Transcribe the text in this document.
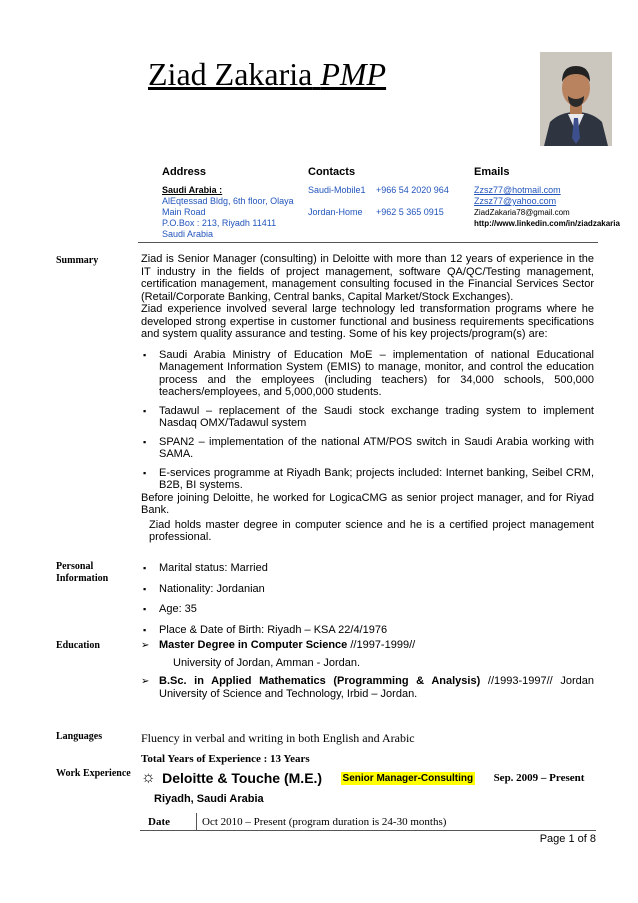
Ziad Zakaria PMP
Address	Contacts	Emails
Saudi Arabia :
AlEqtessad Bldg, 6th floor, Olaya
Main Road
P.O.Box : 213, Riyadh 11411
Saudi Arabia
Saudi-Mobile1 +966 54 2020 964
Jordan-Home +962 5 365 0915
Zzsz77@hotmail.com
Zzsz77@yahoo.com
ZiadZakaria78@gmail.com
http://www.linkedin.com/in/ziadzakaria
Summary	Ziad is Senior Manager (consulting) in Deloitte with more than 12 years of experience in the IT industry in the fields of project management, software QA/QC/Testing management, certification management, management consulting focused in the Financial Services Sector (Retail/Corporate Banking, Central banks, Capital Market/Stock Exchanges).
Ziad experience involved several large technology led transformation programs where he developed strong expertise in customer functional and business requirements specifications and system quality assurance and testing. Some of his key projects/program(s) are:
▪ Saudi Arabia Ministry of Education MoE – implementation of national Educational Management Information System (EMIS) to manage, monitor, and control the education process and the employees (including teachers) for 34,000 schools, 500,000 teachers/employees, and 5,000,000 students.
▪ Tadawul – replacement of the Saudi stock exchange trading system to implement Nasdaq OMX/Tadawul system
▪ SPAN2 – implementation of the national ATM/POS switch in Saudi Arabia working with SAMA.
▪ E-services programme at Riyadh Bank; projects included: Internet banking, Seibel CRM, B2B, BI systems.
Before joining Deloitte, he worked for LogicaCMG as senior project manager, and for Riyad Bank.
Ziad holds master degree in computer science and he is a certified project management professional.
Personal
Information
▪ Marital status: Married
▪ Nationality: Jordanian
▪ Age: 35
▪ Place & Date of Birth: Riyadh – KSA 22/4/1976
Education
➢	Master Degree in Computer Science //1997-1999//
University of Jordan, Amman - Jordan.
➢ B.Sc. in Applied Mathematics (Programming & Analysis) //1993-1997// Jordan University of Science and Technology, Irbid – Jordan.
Languages	Fluency in verbal and writing in both English and Arabic
Work Experience
Total Years of Experience : 13 Years
☼ Deloitte & Touche (M.E.) Senior Manager-Consulting Sep. 2009 – Present
Riyadh, Saudi Arabia
Date	Oct 2010 – Present (program duration is 24-30 months)
Page 1 of 8
